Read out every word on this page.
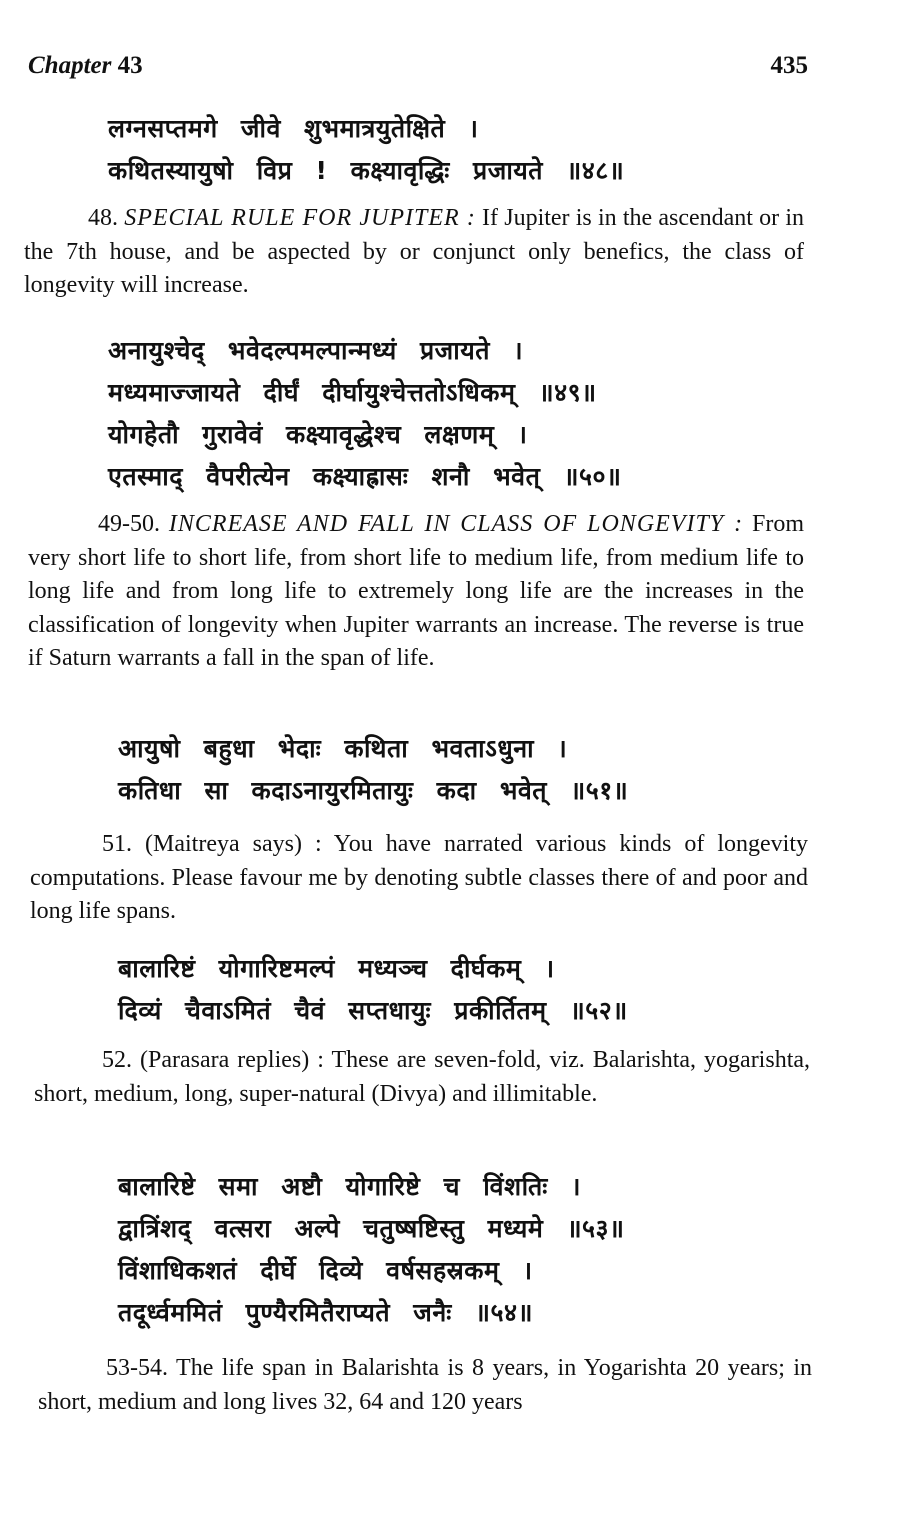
Chapter 43	435
लग्नसप्तमगे जीवे शुभमात्रयुतेक्षिते ।
कथितस्यायुषो विप्र ! कक्ष्यावृद्धिः प्रजायते ॥४८॥
48. SPECIAL RULE FOR JUPITER : If Jupiter is in the ascendant or in the 7th house, and be aspected by or conjunct only benefics, the class of longevity will increase.
अनायुश्चेद् भवेदल्पमल्पान्मध्यं प्रजायते ।
मध्यमाज्जायते दीर्घं दीर्घायुश्चेत्ततोऽधिकम् ॥४९॥
योगहेतौ गुरावेवं कक्ष्यावृद्धेश्च लक्षणम् ।
एतस्माद् वैपरीत्येन कक्ष्याह्रासः शनौ भवेत् ॥५०॥
49-50. INCREASE AND FALL IN CLASS OF LONGEVITY : From very short life to short life, from short life to medium life, from medium life to long life and from long life to extremely long life are the increases in the classification of longevity when Jupiter warrants an increase. The reverse is true if Saturn warrants a fall in the span of life.
आयुषो बहुधा भेदाः कथिता भवताऽधुना ।
कतिधा सा कदाऽनायुरमितायुः कदा भवेत् ॥५१॥
51. (Maitreya says) : You have narrated various kinds of longevity computations. Please favour me by denoting subtle classes there of and poor and long life spans.
बालारिष्टं योगारिष्टमल्पं मध्यञ्च दीर्घकम् ।
दिव्यं चैवाऽमितं चैवं सप्तधायुः प्रकीर्तितम् ॥५२॥
52. (Parasara replies) : These are seven-fold, viz. Balarishta, yogarishta, short, medium, long, super-natural (Divya) and illimitable.
बालारिष्टे समा अष्टौ योगारिष्टे च विंशतिः ।
द्वात्रिंशद् वत्सरा अल्पे चतुष्षष्टिस्तु मध्यमे ॥५३॥
विंशाधिकशतं दीर्घे दिव्ये वर्षसहस्रकम् ।
तदूर्ध्वममितं पुण्यैरमितैराप्यते जनैः ॥५४॥
53-54. The life span in Balarishta is 8 years, in Yogarishta 20 years; in short, medium and long lives 32, 64 and 120 years
